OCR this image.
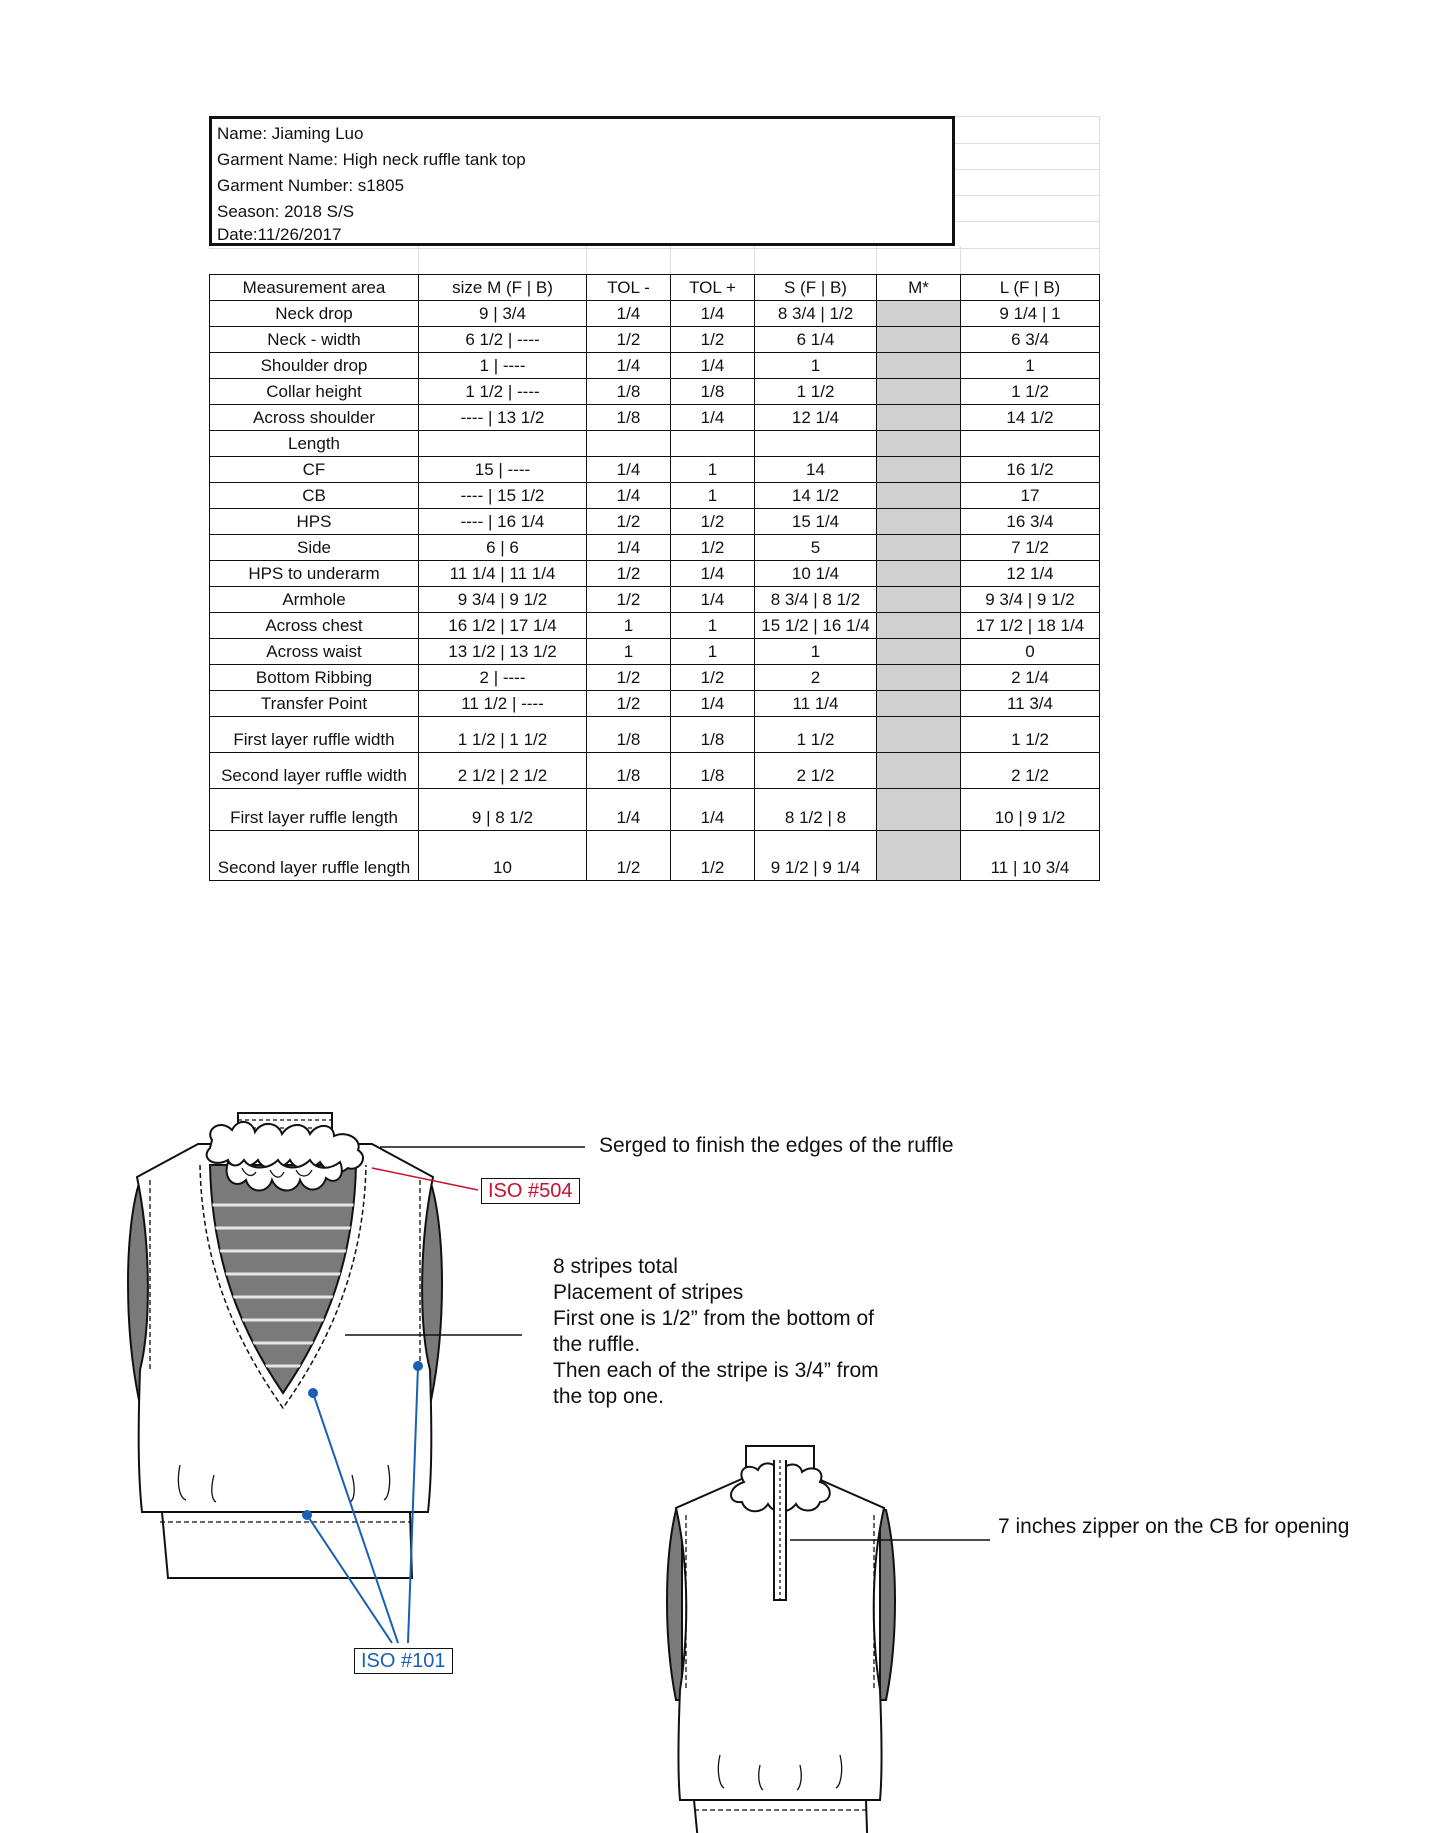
Name: Jiaming Luo
Garment Name: High neck ruffle tank top
Garment Number: s1805
Season: 2018 S/S
Date:11/26/2017
Measurement area	size M (F | B)	TOL -	TOL +	S (F | B)	M*	L (F | B)
Neck drop	9 | 3/4	1/4	1/4	8 3/4 | 1/2		9 1/4 | 1
Neck - width	6 1/2 | ----	1/2	1/2	6 1/4		6 3/4
Shoulder drop	1 | ----	1/4	1/4	1		1
Collar height	1 1/2 | ----	1/8	1/8	1 1/2		1 1/2
Across shoulder	---- | 13 1/2	1/8	1/4	12 1/4		14 1/2
Length						
CF	15 | ----	1/4	1	14		16 1/2
CB	---- | 15 1/2	1/4	1	14 1/2		17
HPS	---- | 16 1/4	1/2	1/2	15 1/4		16 3/4
Side	6 | 6	1/4	1/2	5		7 1/2
HPS to underarm	11 1/4 | 11 1/4	1/2	1/4	10 1/4		12 1/4
Armhole	9 3/4 | 9 1/2	1/2	1/4	8 3/4 | 8 1/2		9 3/4 | 9 1/2
Across chest	16 1/2 | 17 1/4	1	1	15 1/2 | 16 1/4		17 1/2 | 18 1/4
Across waist	13 1/2 | 13 1/2	1	1	1		0
Bottom Ribbing	2 | ----	1/2	1/2	2		2 1/4
Transfer Point	11 1/2 | ----	1/2	1/4	11 1/4		11 3/4
First layer ruffle width	1 1/2 | 1 1/2	1/8	1/8	1 1/2		1 1/2
Second layer ruffle width	2 1/2 | 2 1/2	1/8	1/8	2 1/2		2 1/2
First layer ruffle length	9 | 8 1/2	1/4	1/4	8 1/2 | 8		10 | 9 1/2
Second layer ruffle length	10	1/2	1/2	9 1/2 | 9 1/4		11 | 10 3/4
Serged to finish the edges of the ruffle
ISO #504
8 stripes total
Placement of stripes
First one is 1/2” from the bottom of
the ruffle.
Then each of the stripe is 3/4” from
the top one.
ISO #101
7 inches zipper on the CB for opening
